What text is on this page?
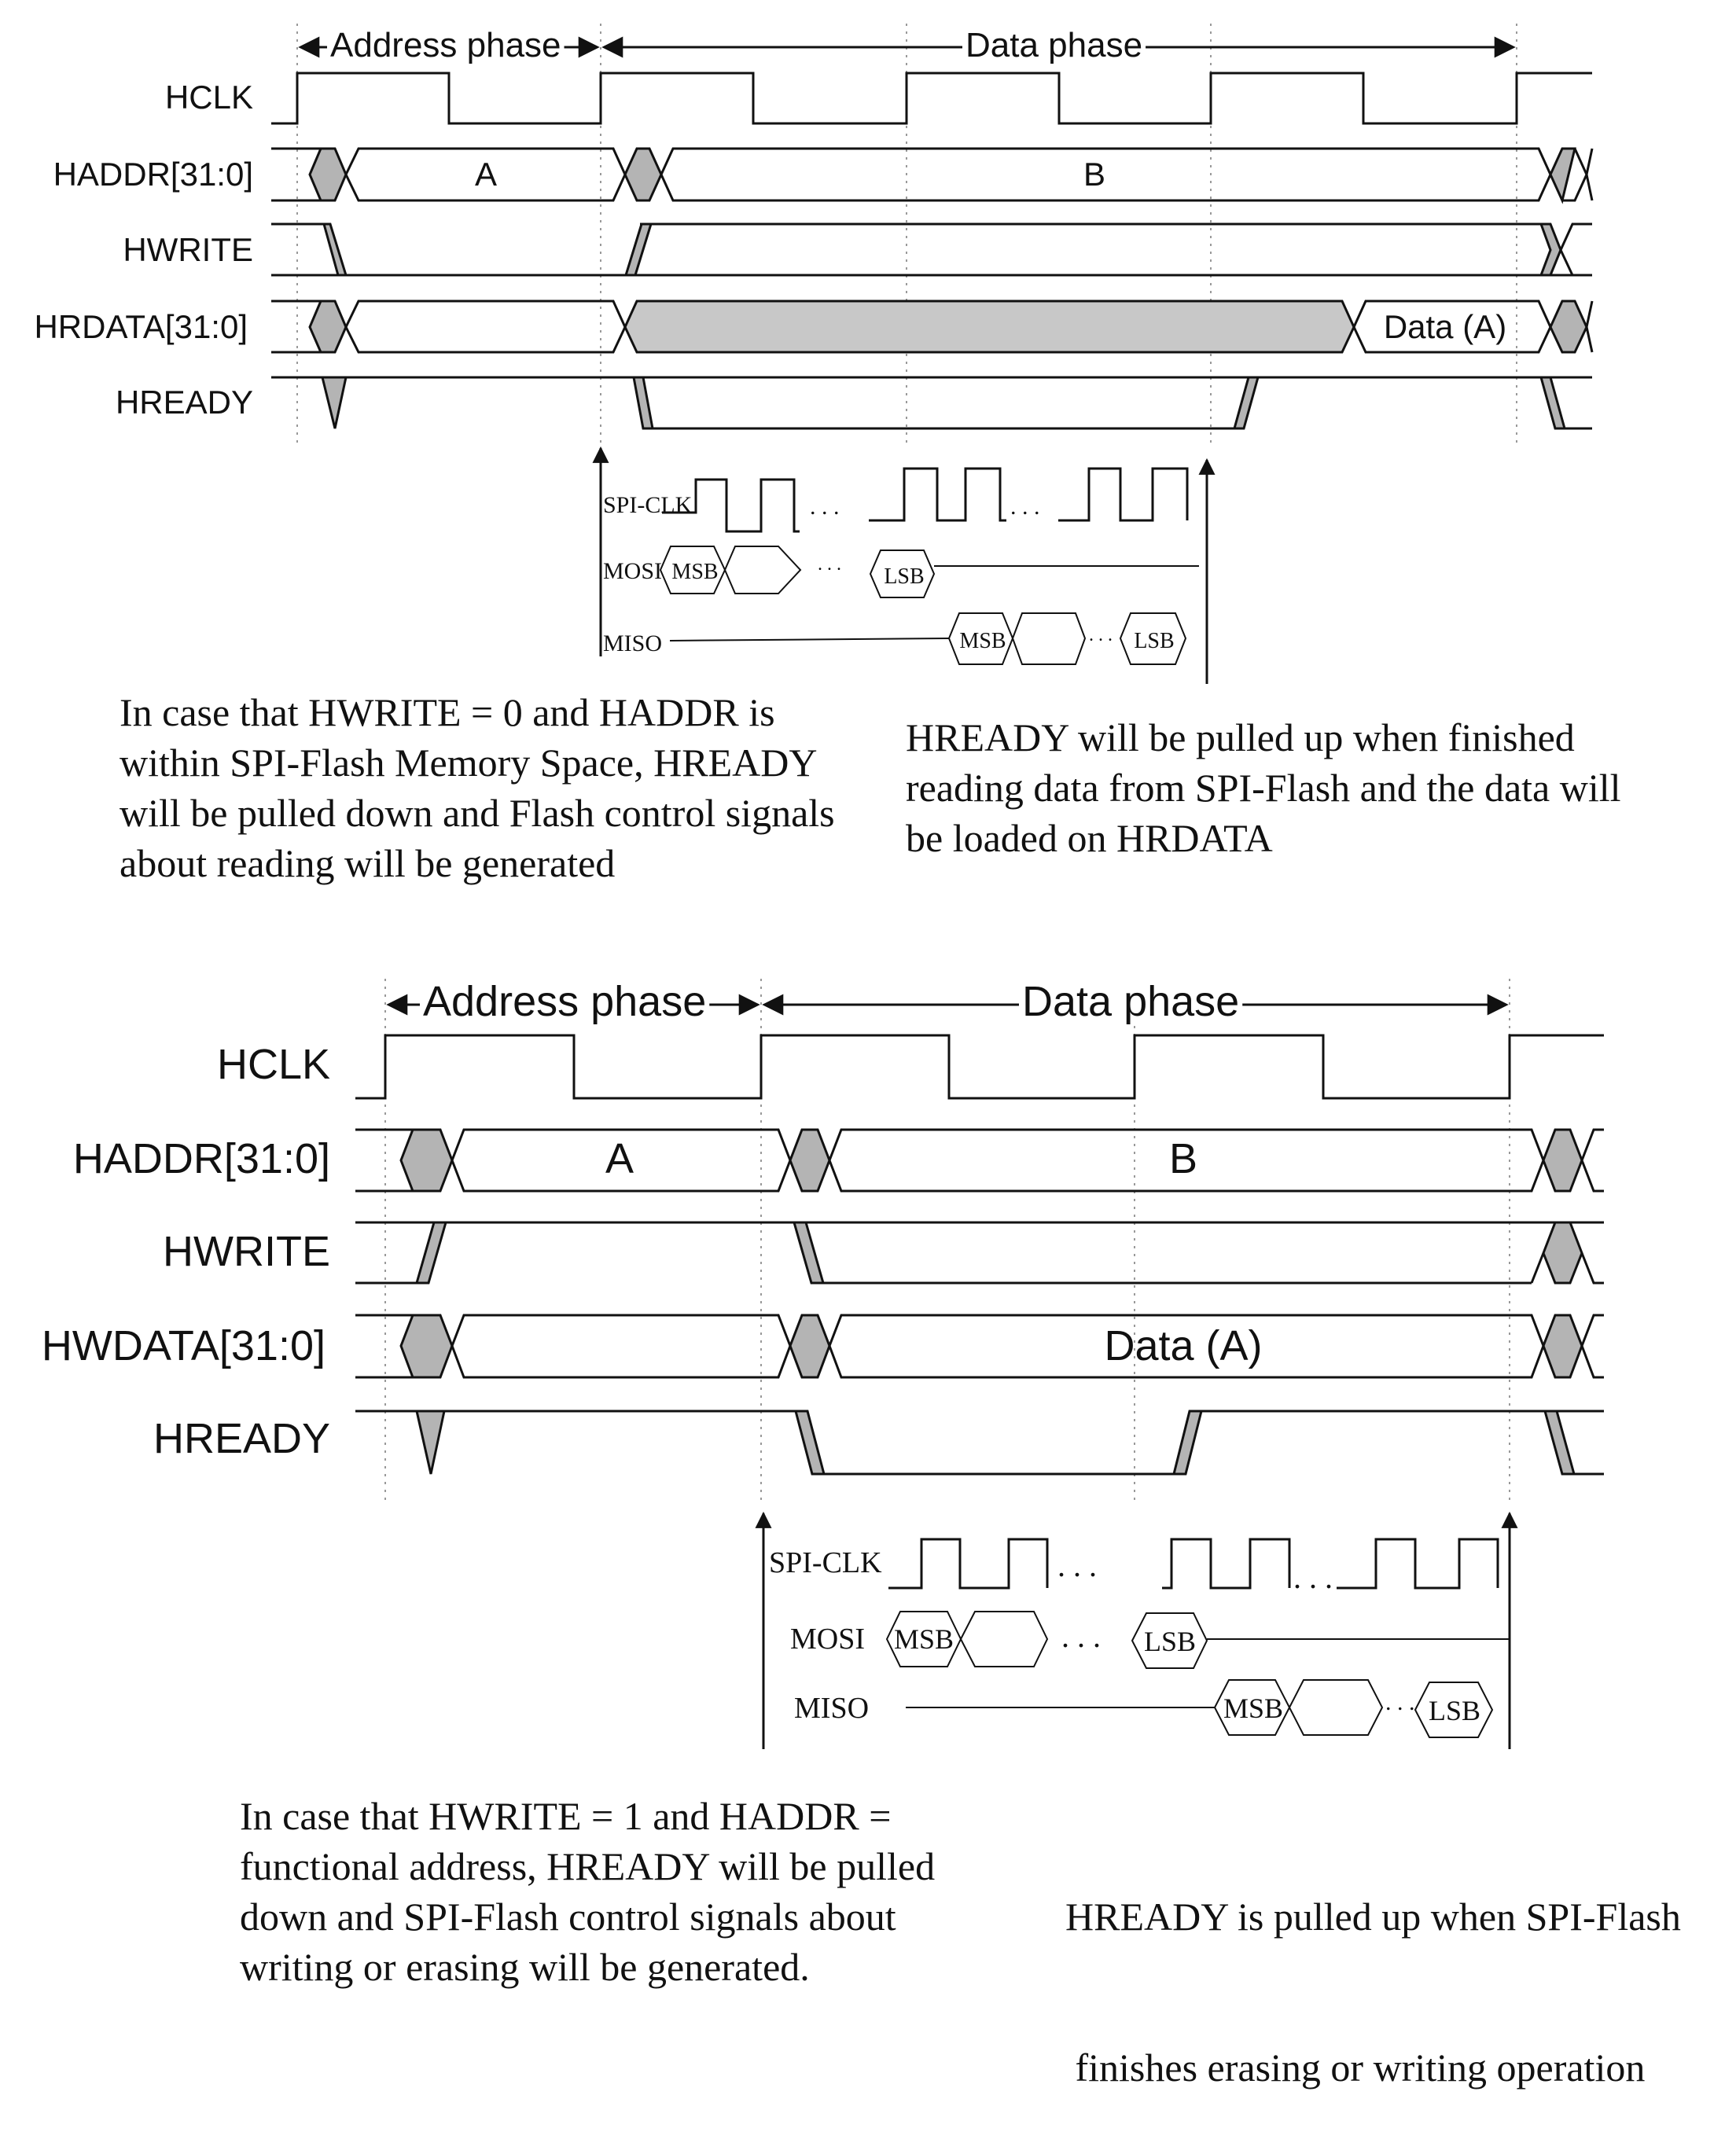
Address phase	Data phase
HCLK
HADDR[31:0]
HWRITE
HRDATA[31:0]
HREADY
A	B
Data (A)
SPI-CLK
MOSI
MISO
MSB	LSB
MSB	LSB
. . .	. . .
. . .
. . .
Address phase	Data phase
HCLK
HADDR[31:0]
HWRITE
HWDATA[31:0]
HREADY
A	B
Data (A)
SPI-CLK
MOSI
MISO
MSB	LSB
MSB	LSB
. . .	. . .
. . .
. . .

In case that HWRITE = 0 and HADDR is
within SPI-Flash Memory Space, HREADY
will be pulled down and Flash control signals
about reading will be generated

HREADY will be pulled up when finished
reading data from SPI-Flash and the data will
be loaded on HRDATA

In case that HWRITE = 1 and HADDR =
functional address, HREADY will be pulled
down and SPI-Flash control signals about
writing or erasing will be generated.

HREADY is pulled up when SPI-Flash

finishes erasing or writing operation
